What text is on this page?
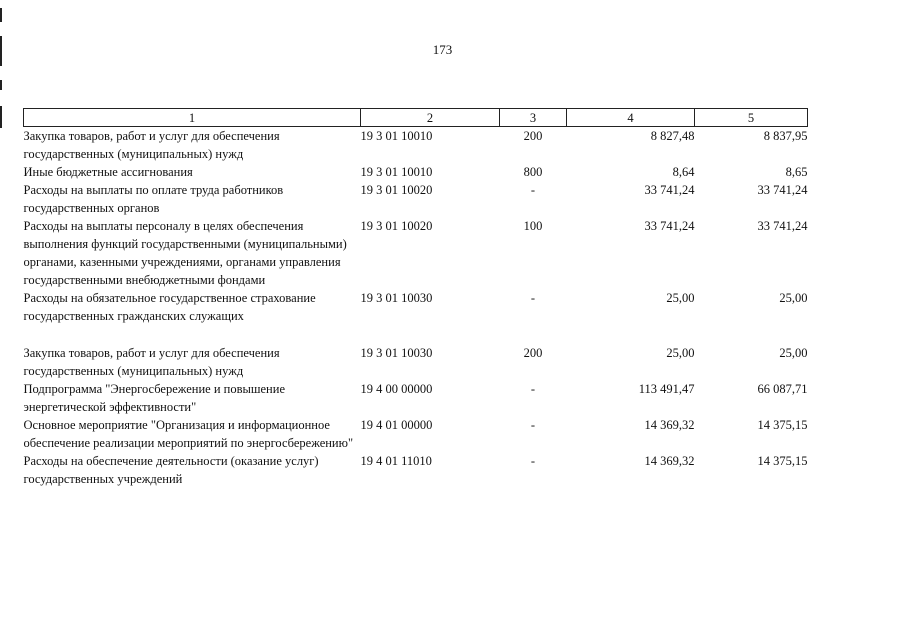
173
1	2	3	4	5
Закупка товаров, работ и услуг для обеспечения государственных (муниципальных) нужд	19 3 01 10010	200	8 827,48	8 837,95
Иные бюджетные ассигнования	19 3 01 10010	800	8,64	8,65
Расходы на выплаты по оплате труда работников государственных органов	19 3 01 10020	-	33 741,24	33 741,24
Расходы на выплаты персоналу в целях обеспечения выполнения функций государственными (муниципальными) органами, казенными учреждениями, органами управления государственными внебюджетными фондами	19 3 01 10020	100	33 741,24	33 741,24
Расходы на обязательное государственное страхование государственных гражданских служащих	19 3 01 10030	-	25,00	25,00

Закупка товаров, работ и услуг для обеспечения государственных (муниципальных) нужд	19 3 01 10030	200	25,00	25,00
Подпрограмма "Энергосбережение и повышение энергетической эффективности"	19 4 00 00000	-	113 491,47	66 087,71
Основное мероприятие "Организация и информационное обеспечение реализации мероприятий по энергосбережению"	19 4 01 00000	-	14 369,32	14 375,15
Расходы на обеспечение деятельности (оказание услуг) государственных учреждений	19 4 01 11010	-	14 369,32	14 375,15
